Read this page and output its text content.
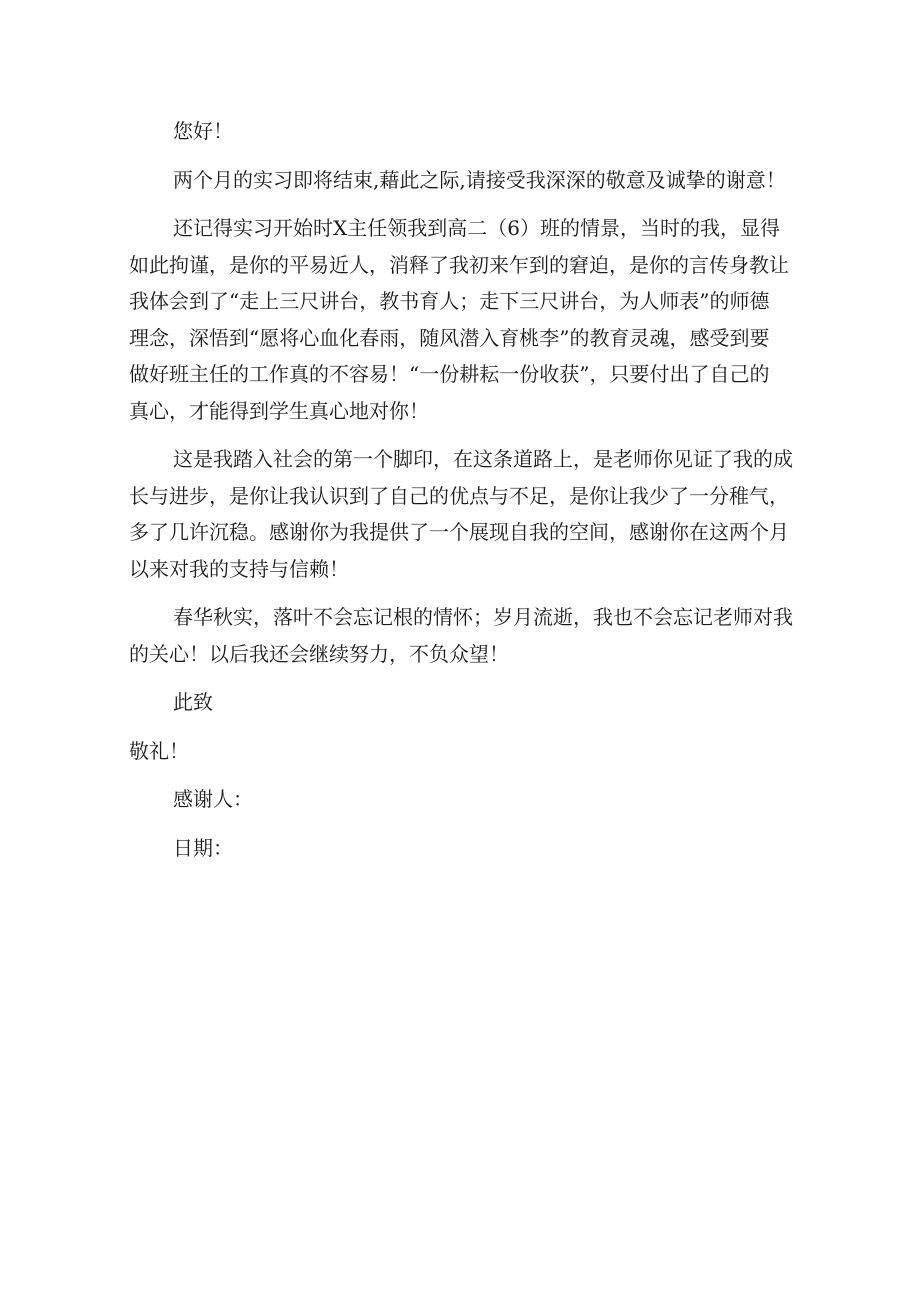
您好！
两个月的实习即将结束,藉此之际,请接受我深深的敬意及诚挚的谢意！
还记得实习开始时X主任领我到高二（6）班的情景，当时的我，显得
如此拘谨，是你的平易近人，消释了我初来乍到的窘迫，是你的言传身教让
我体会到了“走上三尺讲台，教书育人；走下三尺讲台，为人师表”的师德
理念，深悟到“愿将心血化春雨，随风潜入育桃李”的教育灵魂，感受到要
做好班主任的工作真的不容易！“一份耕耘一份收获”，只要付出了自己的
真心，才能得到学生真心地对你！
这是我踏入社会的第一个脚印，在这条道路上，是老师你见证了我的成
长与进步，是你让我认识到了自己的优点与不足，是你让我少了一分稚气，
多了几许沉稳。感谢你为我提供了一个展现自我的空间，感谢你在这两个月
以来对我的支持与信赖！
春华秋实，落叶不会忘记根的情怀；岁月流逝，我也不会忘记老师对我
的关心！以后我还会继续努力，不负众望！
此致
敬礼！
感谢人：
日期：
